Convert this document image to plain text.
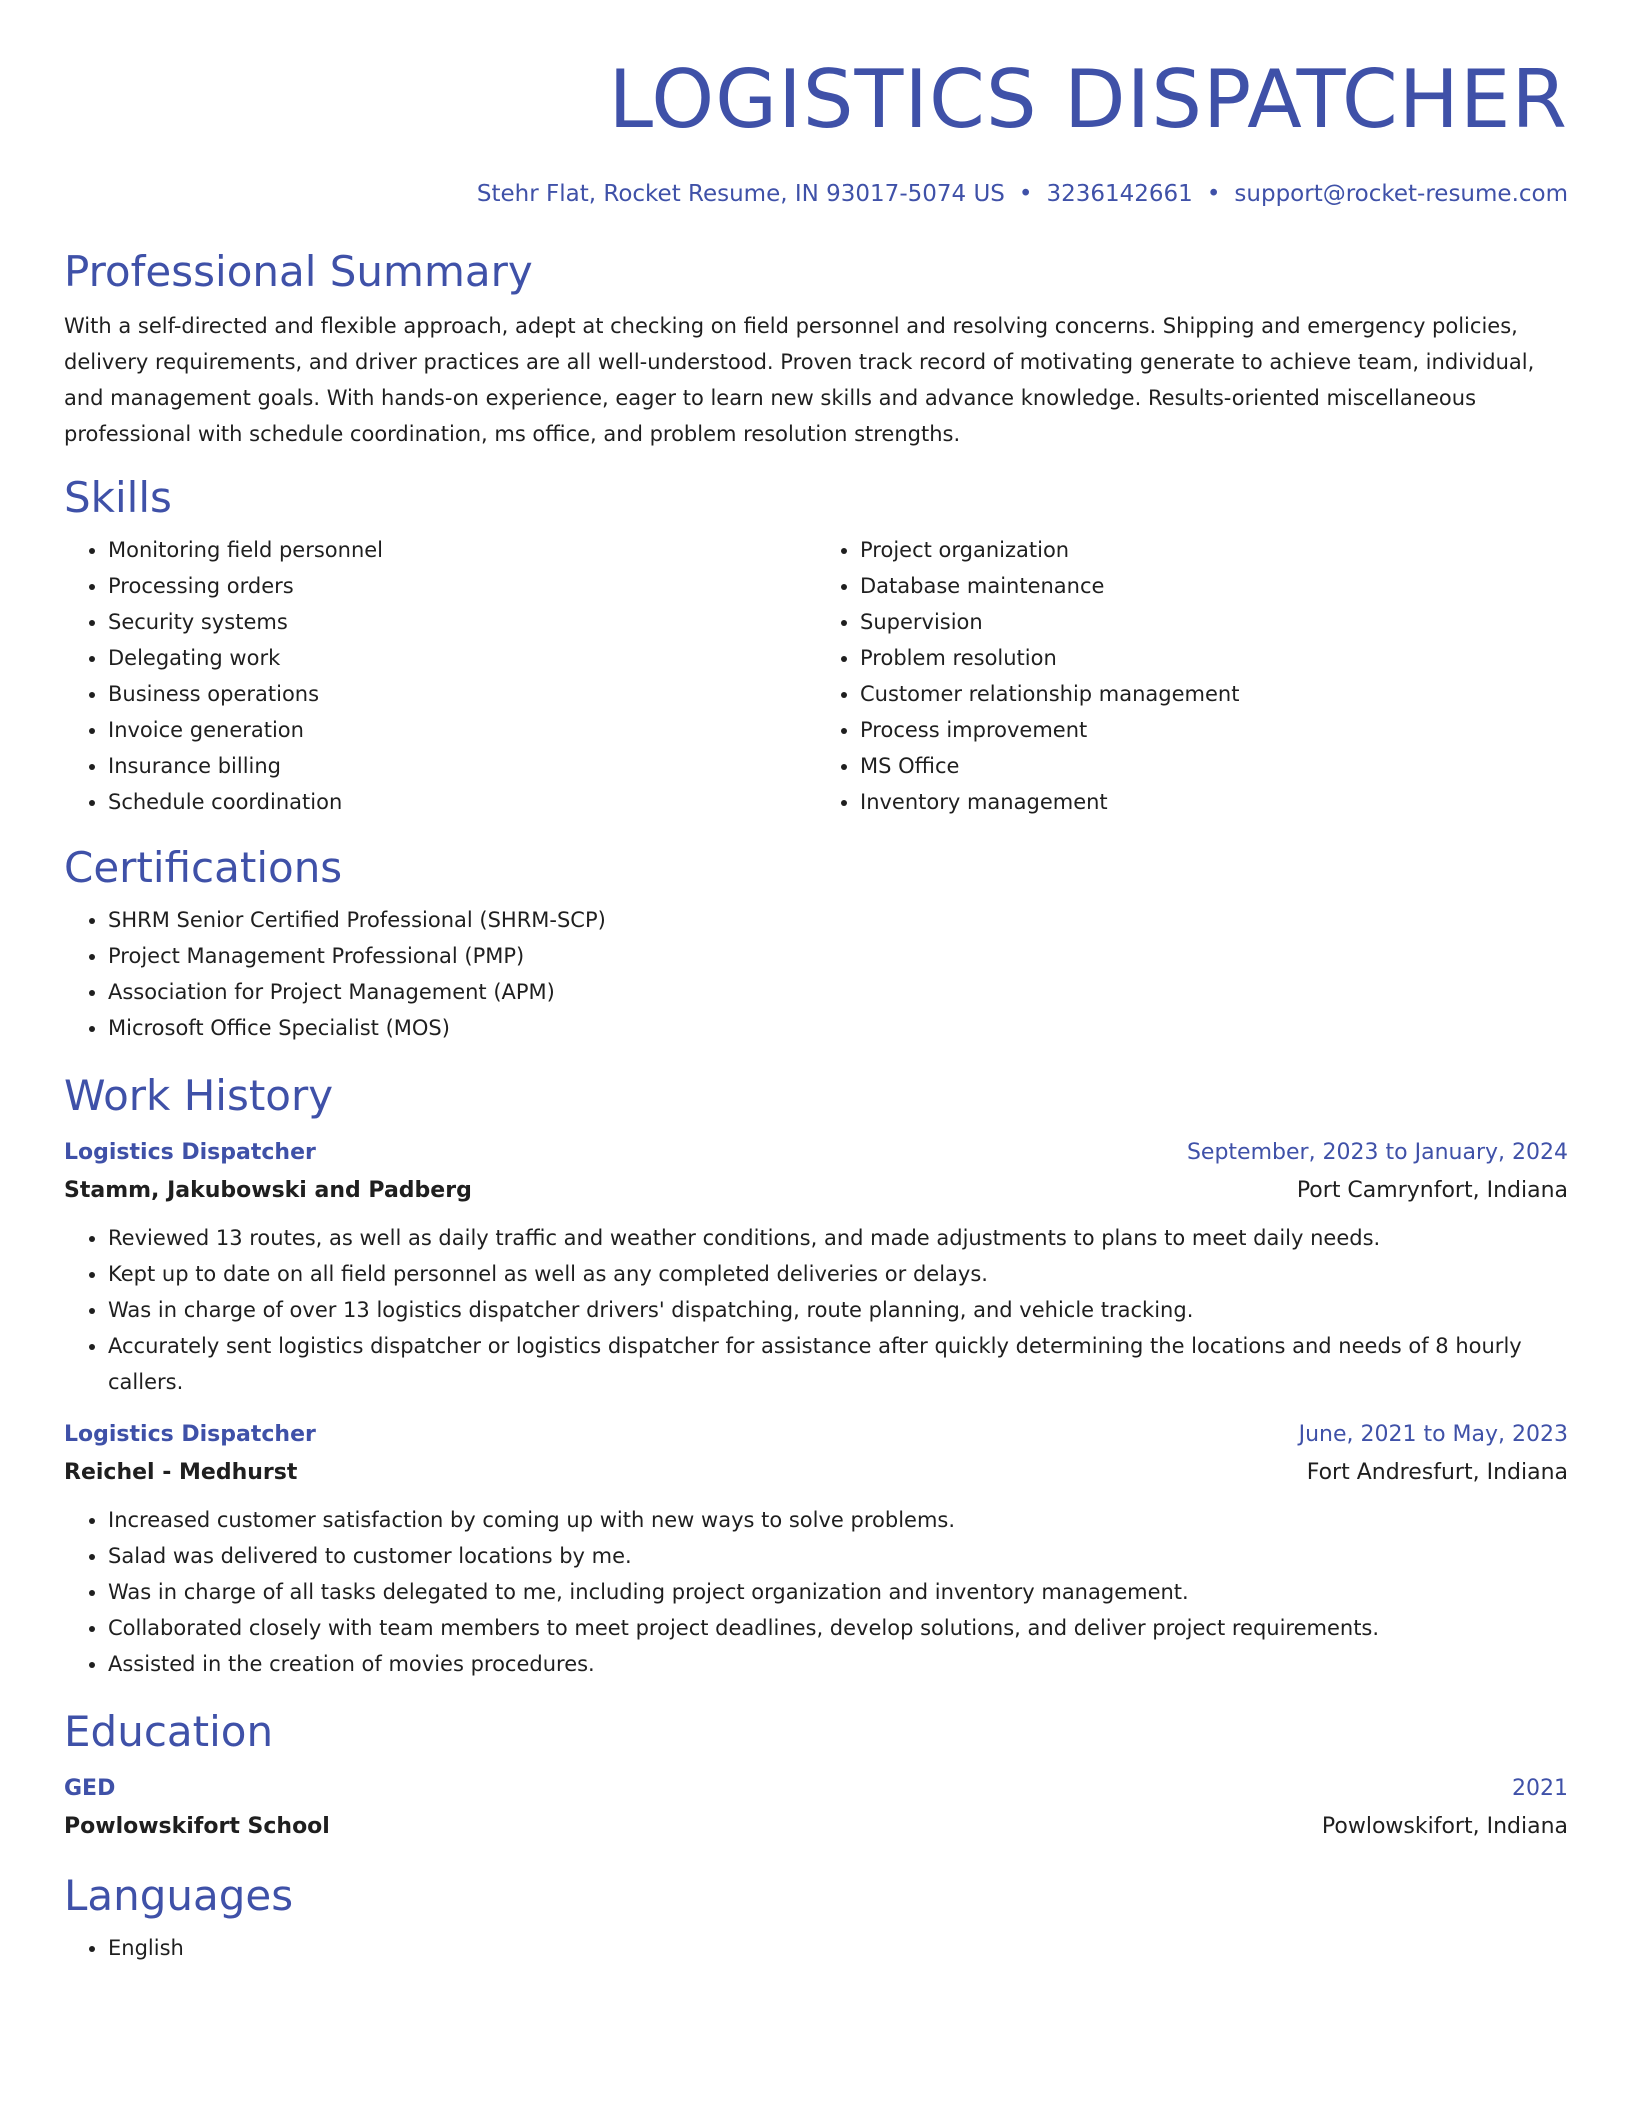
LOGISTICS DISPATCHER
Stehr Flat, Rocket Resume, IN 93017-5074 US • 3236142661 • support@rocket-resume.com
Professional Summary

With a self-directed and flexible approach, adept at checking on field personnel and resolving concerns. Shipping and emergency policies, delivery requirements, and driver practices are all well-understood. Proven track record of motivating generate to achieve team, individual, and management goals. With hands-on experience, eager to learn new skills and advance knowledge. Results-oriented miscellaneous professional with schedule coordination, ms office, and problem resolution strengths.

Skills
• Monitoring field personnel
• Processing orders
• Security systems
• Delegating work
• Business operations
• Invoice generation
• Insurance billing
• Schedule coordination
• Project organization
• Database maintenance
• Supervision
• Problem resolution
• Customer relationship management
• Process improvement
• MS Office
• Inventory management
Certifications
• SHRM Senior Certified Professional (SHRM-SCP)
• Project Management Professional (PMP)
• Association for Project Management (APM)
• Microsoft Office Specialist (MOS)
Work History
Logistics Dispatcher	September, 2023 to January, 2024
Stamm, Jakubowski and Padberg	Port Camrynfort, Indiana
• Reviewed 13 routes, as well as daily traffic and weather conditions, and made adjustments to plans to meet daily needs.
• Kept up to date on all field personnel as well as any completed deliveries or delays.
• Was in charge of over 13 logistics dispatcher drivers' dispatching, route planning, and vehicle tracking.
• Accurately sent logistics dispatcher or logistics dispatcher for assistance after quickly determining the locations and needs of 8 hourly callers.
Logistics Dispatcher	June, 2021 to May, 2023
Reichel - Medhurst	Fort Andresfurt, Indiana
• Increased customer satisfaction by coming up with new ways to solve problems.
• Salad was delivered to customer locations by me.
• Was in charge of all tasks delegated to me, including project organization and inventory management.
• Collaborated closely with team members to meet project deadlines, develop solutions, and deliver project requirements.
• Assisted in the creation of movies procedures.
Education
GED	2021
Powlowskifort School	Powlowskifort, Indiana
Languages
• English
